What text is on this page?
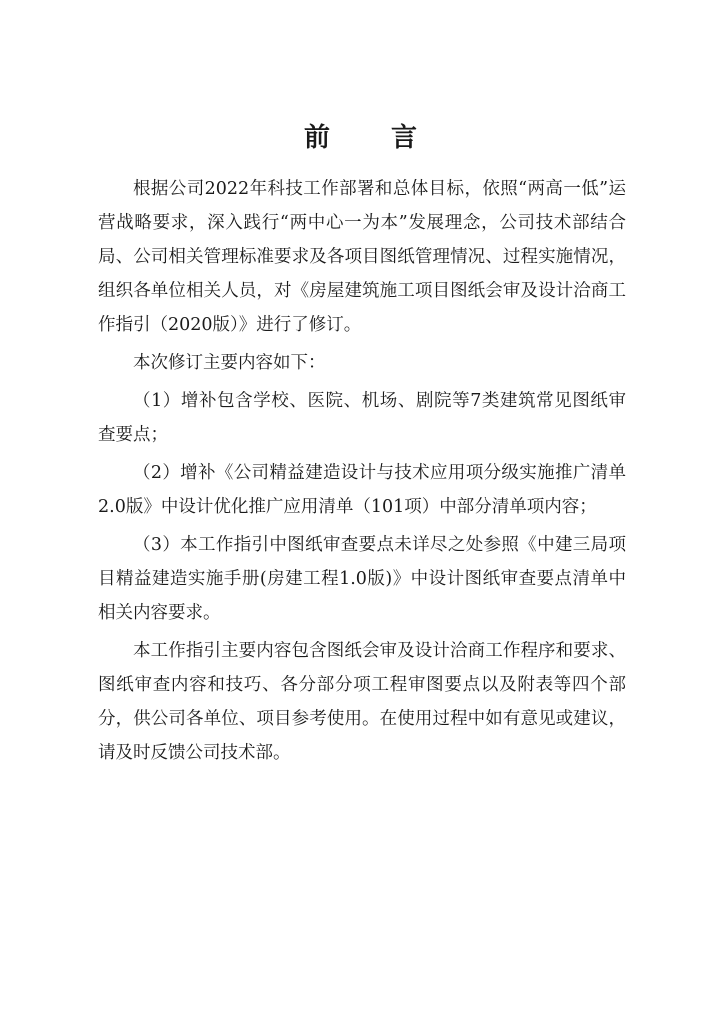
前 言

根据公司2022年科技工作部署和总体目标，依照“两高一低”运营战略要求，深入践行“两中心一为本”发展理念，公司技术部结合局、公司相关管理标准要求及各项目图纸管理情况、过程实施情况，组织各单位相关人员，对《房屋建筑施工项目图纸会审及设计洽商工作指引（2020版）》进行了修订。

本次修订主要内容如下：

（1）增补包含学校、医院、机场、剧院等7类建筑常见图纸审查要点；

（2）增补《公司精益建造设计与技术应用项分级实施推广清单2.0版》中设计优化推广应用清单（101项）中部分清单项内容；

（3）本工作指引中图纸审查要点未详尽之处参照《中建三局项目精益建造实施手册(房建工程1.0版)》中设计图纸审查要点清单中相关内容要求。

本工作指引主要内容包含图纸会审及设计洽商工作程序和要求、图纸审查内容和技巧、各分部分项工程审图要点以及附表等四个部分，供公司各单位、项目参考使用。在使用过程中如有意见或建议，请及时反馈公司技术部。
